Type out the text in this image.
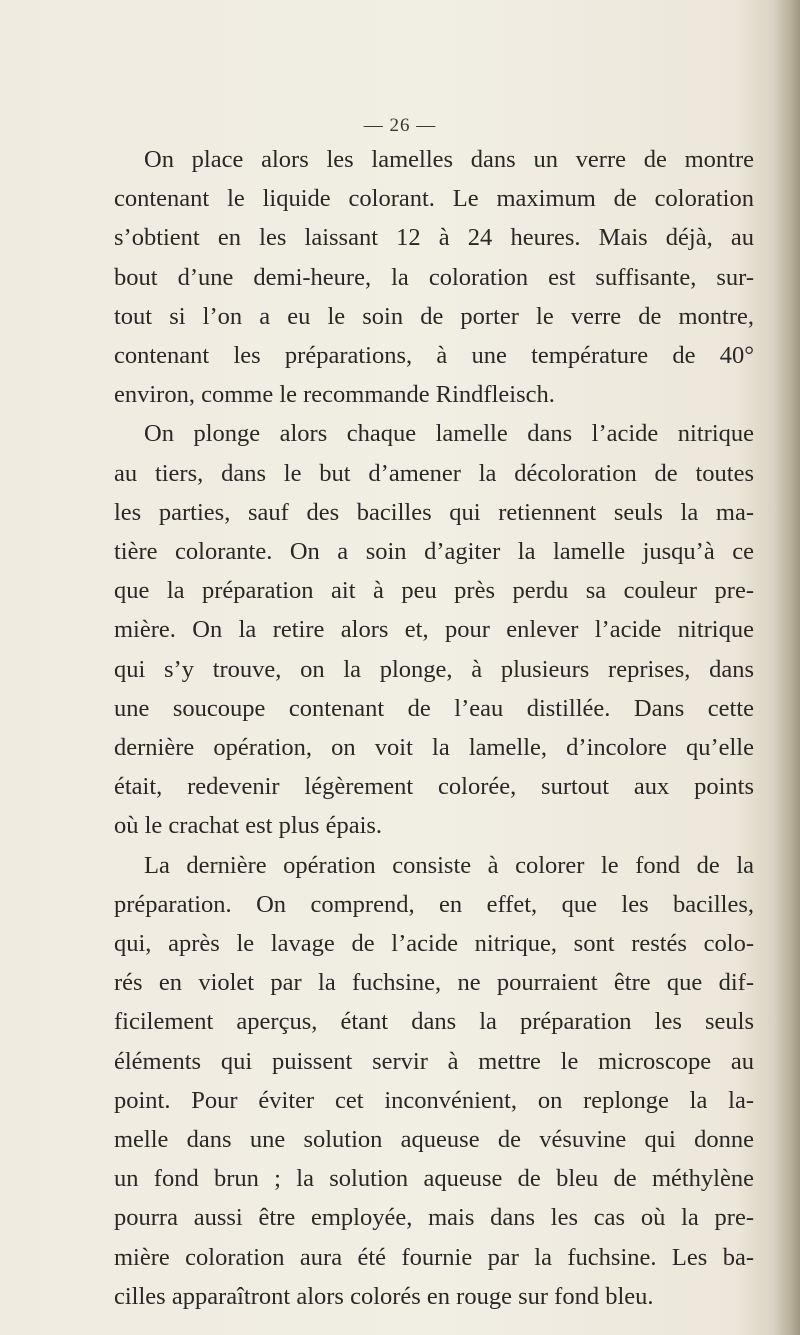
— 26 —

On place alors les lamelles dans un verre de montre
contenant le liquide colorant. Le maximum de coloration
s’obtient en les laissant 12 à 24 heures. Mais déjà, au
bout d’une demi-heure, la coloration est suffisante, sur-
tout si l’on a eu le soin de porter le verre de montre,
contenant les préparations, à une température de 40°
environ, comme le recommande Rindfleisch.

On plonge alors chaque lamelle dans l’acide nitrique
au tiers, dans le but d’amener la décoloration de toutes
les parties, sauf des bacilles qui retiennent seuls la ma-
tière colorante. On a soin d’agiter la lamelle jusqu’à ce
que la préparation ait à peu près perdu sa couleur pre-
mière. On la retire alors et, pour enlever l’acide nitrique
qui s’y trouve, on la plonge, à plusieurs reprises, dans
une soucoupe contenant de l’eau distillée. Dans cette
dernière opération, on voit la lamelle, d’incolore qu’elle
était, redevenir légèrement colorée, surtout aux points
où le crachat est plus épais.

La dernière opération consiste à colorer le fond de la
préparation. On comprend, en effet, que les bacilles,
qui, après le lavage de l’acide nitrique, sont restés colo-
rés en violet par la fuchsine, ne pourraient être que dif-
ficilement aperçus, étant dans la préparation les seuls
éléments qui puissent servir à mettre le microscope au
point. Pour éviter cet inconvénient, on replonge la la-
melle dans une solution aqueuse de vésuvine qui donne
un fond brun ; la solution aqueuse de bleu de méthylène
pourra aussi être employée, mais dans les cas où la pre-
mière coloration aura été fournie par la fuchsine. Les ba-
cilles apparaîtront alors colorés en rouge sur fond bleu.
